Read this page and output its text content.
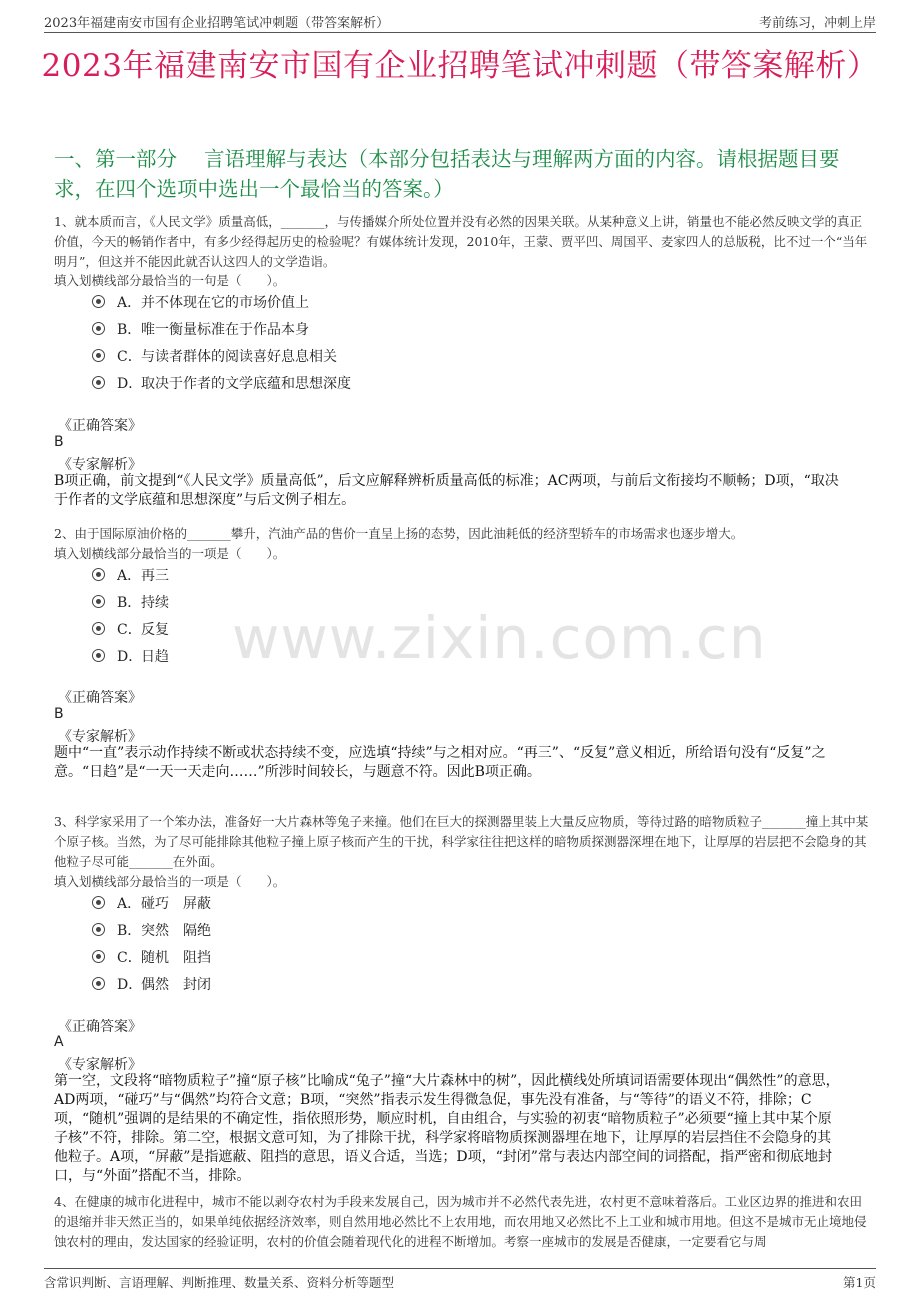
2023年福建南安市国有企业招聘笔试冲刺题（带答案解析）	考前练习，冲刺上岸
2023年福建南安市国有企业招聘笔试冲刺题（带答案解析）
一、第一部分　 言语理解与表达（本部分包括表达与理解两方面的内容。请根据题目要求，在四个选项中选出一个最恰当的答案。）
www.zixin.com.cn
1、就本质而言，《人民文学》质量高低，_______，与传播媒介所处位置并没有必然的因果关联。从某种意义上讲，销量也不能必然反映文学的真正价值，今天的畅销作者中，有多少经得起历史的检验呢？有媒体统计发现，2010年，王蒙、贾平凹、周国平、麦家四人的总版税，比不过一个“当年明月”，但这并不能因此就否认这四人的文学造诣。
填入划横线部分最恰当的一句是（　　）。
A．并不体现在它的市场价值上
B．唯一衡量标准在于作品本身
C．与读者群体的阅读喜好息息相关
D．取决于作者的文学底蕴和思想深度
《正确答案》
B
《专家解析》
B项正确，前文提到“《人民文学》质量高低”，后文应解释辨析质量高低的标准；AC两项，与前后文衔接均不顺畅；D项，“取决于作者的文学底蕴和思想深度”与后文例子相左。
2、由于国际原油价格的_______攀升，汽油产品的售价一直呈上扬的态势，因此油耗低的经济型轿车的市场需求也逐步增大。
填入划横线部分最恰当的一项是（　　）。
A．再三
B．持续
C．反复
D．日趋
《正确答案》
B
《专家解析》
题中“一直”表示动作持续不断或状态持续不变，应选填“持续”与之相对应。“再三”、“反复”意义相近，所给语句没有“反复”之意。“日趋”是“一天一天走向……”所涉时间较长，与题意不符。因此B项正确。
3、科学家采用了一个笨办法，准备好一大片森林等兔子来撞。他们在巨大的探测器里装上大量反应物质，等待过路的暗物质粒子_______撞上其中某个原子核。当然，为了尽可能排除其他粒子撞上原子核而产生的干扰，科学家往往把这样的暗物质探测器深埋在地下，让厚厚的岩层把不会隐身的其他粒子尽可能_______在外面。
填入划横线部分最恰当的一项是（　　）。
A．碰巧　屏蔽
B．突然　隔绝
C．随机　阻挡
D．偶然　封闭
《正确答案》
A
《专家解析》
第一空，文段将“暗物质粒子”撞“原子核”比喻成“兔子”撞“大片森林中的树”，因此横线处所填词语需要体现出“偶然性”的意思，AD两项，“碰巧”与“偶然”均符合文意；B项，“突然”指表示发生得微急促，事先没有准备，与“等待”的语义不符，排除；C项，“随机”强调的是结果的不确定性，指依照形势，顺应时机，自由组合，与实验的初衷“暗物质粒子”必须要“撞上其中某个原子核”不符，排除。第二空，根据文意可知，为了排除干扰，科学家将暗物质探测器埋在地下，让厚厚的岩层挡住不会隐身的其他粒子。A项，“屏蔽”是指遮蔽、阻挡的意思，语义合适，当选；D项，“封闭”常与表达内部空间的词搭配，指严密和彻底地封口，与“外面”搭配不当，排除。
4、在健康的城市化进程中，城市不能以剥夺农村为手段来发展自己，因为城市并不必然代表先进，农村更不意味着落后。工业区边界的推进和农田的退缩并非天然正当的，如果单纯依据经济效率，则自然用地必然比不上农用地，而农用地又必然比不上工业和城市用地。但这不是城市无止境地侵蚀农村的理由，发达国家的经验证明，农村的价值会随着现代化的进程不断增加。考察一座城市的发展是否健康，一定要看它与周
含常识判断、言语理解、判断推理、数量关系、资料分析等题型	第1页
